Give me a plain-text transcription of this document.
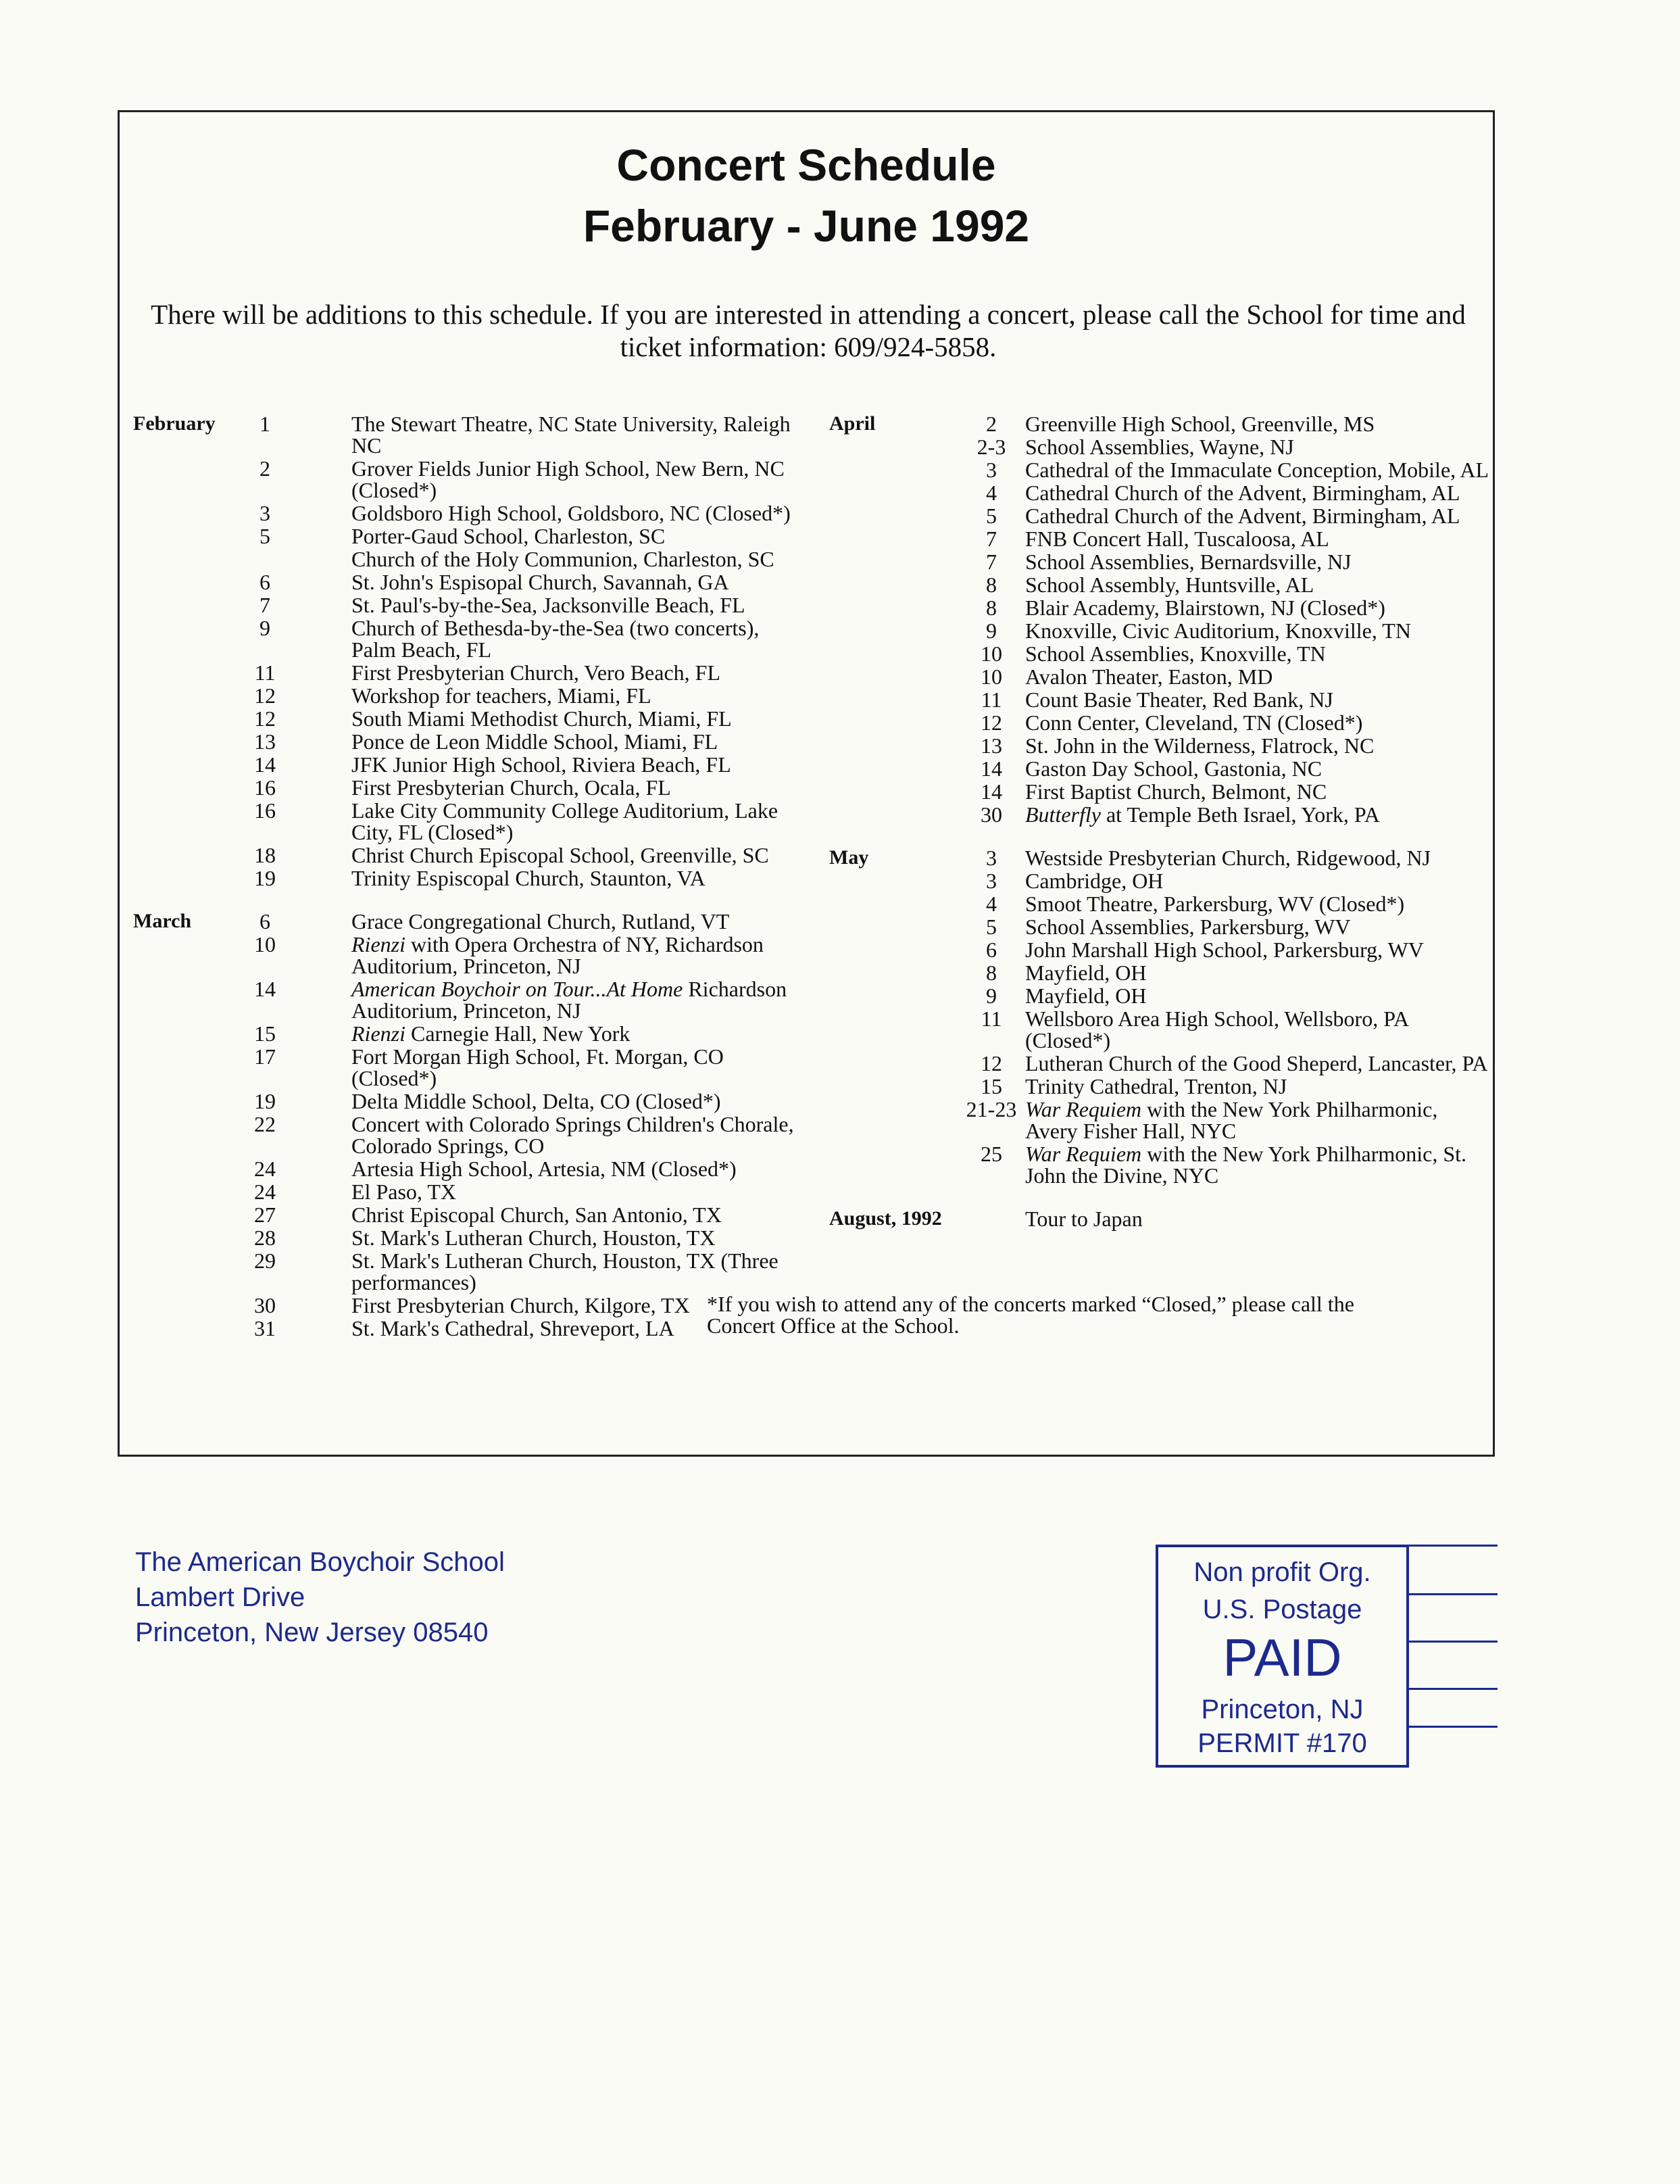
Concert Schedule
February - June 1992
There will be additions to this schedule. If you are interested in attending a concert, please call the School for time and ticket information: 609/924-5858.
February	1	The Stewart Theatre, NC State University, Raleigh NC
2	Grover Fields Junior High School, New Bern, NC (Closed*)
3	Goldsboro High School, Goldsboro, NC (Closed*)
5	Porter-Gaud School, Charleston, SC
Church of the Holy Communion, Charleston, SC
6	St. John's Espisopal Church, Savannah, GA
7	St. Paul's-by-the-Sea, Jacksonville Beach, FL
9	Church of Bethesda-by-the-Sea (two concerts), Palm Beach, FL
11	First Presbyterian Church, Vero Beach, FL
12	Workshop for teachers, Miami, FL
12	South Miami Methodist Church, Miami, FL
13	Ponce de Leon Middle School, Miami, FL
14	JFK Junior High School, Riviera Beach, FL
16	First Presbyterian Church, Ocala, FL
16	Lake City Community College Auditorium, Lake City, FL (Closed*)
18	Christ Church Episcopal School, Greenville, SC
19	Trinity Espiscopal Church, Staunton, VA
March	6	Grace Congregational Church, Rutland, VT
10	Rienzi with Opera Orchestra of NY, Richardson Auditorium, Princeton, NJ
14	American Boychoir on Tour...At Home Richardson Auditorium, Princeton, NJ
15	Rienzi Carnegie Hall, New York
17	Fort Morgan High School, Ft. Morgan, CO (Closed*)
19	Delta Middle School, Delta, CO (Closed*)
22	Concert with Colorado Springs Children's Chorale, Colorado Springs, CO
24	Artesia High School, Artesia, NM (Closed*)
24	El Paso, TX
27	Christ Episcopal Church, San Antonio, TX
28	St. Mark's Lutheran Church, Houston, TX
29	St. Mark's Lutheran Church, Houston, TX (Three performances)
30	First Presbyterian Church, Kilgore, TX
31	St. Mark's Cathedral, Shreveport, LA
April	2	Greenville High School, Greenville, MS
2-3 School Assemblies, Wayne, NJ
3	Cathedral of the Immaculate Conception, Mobile, AL
4	Cathedral Church of the Advent, Birmingham, AL
5	Cathedral Church of the Advent, Birmingham, AL
7	FNB Concert Hall, Tuscaloosa, AL
7	School Assemblies, Bernardsville, NJ
8	School Assembly, Huntsville, AL
8	Blair Academy, Blairstown, NJ (Closed*)
9	Knoxville, Civic Auditorium, Knoxville, TN
10	School Assemblies, Knoxville, TN
10	Avalon Theater, Easton, MD
11	Count Basie Theater, Red Bank, NJ
12	Conn Center, Cleveland, TN (Closed*)
13	St. John in the Wilderness, Flatrock, NC
14	Gaston Day School, Gastonia, NC
14	First Baptist Church, Belmont, NC
30	Butterfly at Temple Beth Israel, York, PA
May	3	Westside Presbyterian Church, Ridgewood, NJ
3	Cambridge, OH
4	Smoot Theatre, Parkersburg, WV (Closed*)
5	School Assemblies, Parkersburg, WV
6	John Marshall High School, Parkersburg, WV
8	Mayfield, OH
9	Mayfield, OH
11	Wellsboro Area High School, Wellsboro, PA (Closed*)
12	Lutheran Church of the Good Sheperd, Lancaster, PA
15	Trinity Cathedral, Trenton, NJ
21-23 War Requiem with the New York Philharmonic, Avery Fisher Hall, NYC
25	War Requiem with the New York Philharmonic, St. John the Divine, NYC
August, 1992	Tour to Japan
*If you wish to attend any of the concerts marked “Closed,” please call the Concert Office at the School.
The American Boychoir School
Lambert Drive
Princeton, New Jersey 08540
Non profit Org.
U.S. Postage
PAID
Princeton, NJ
PERMIT #170
